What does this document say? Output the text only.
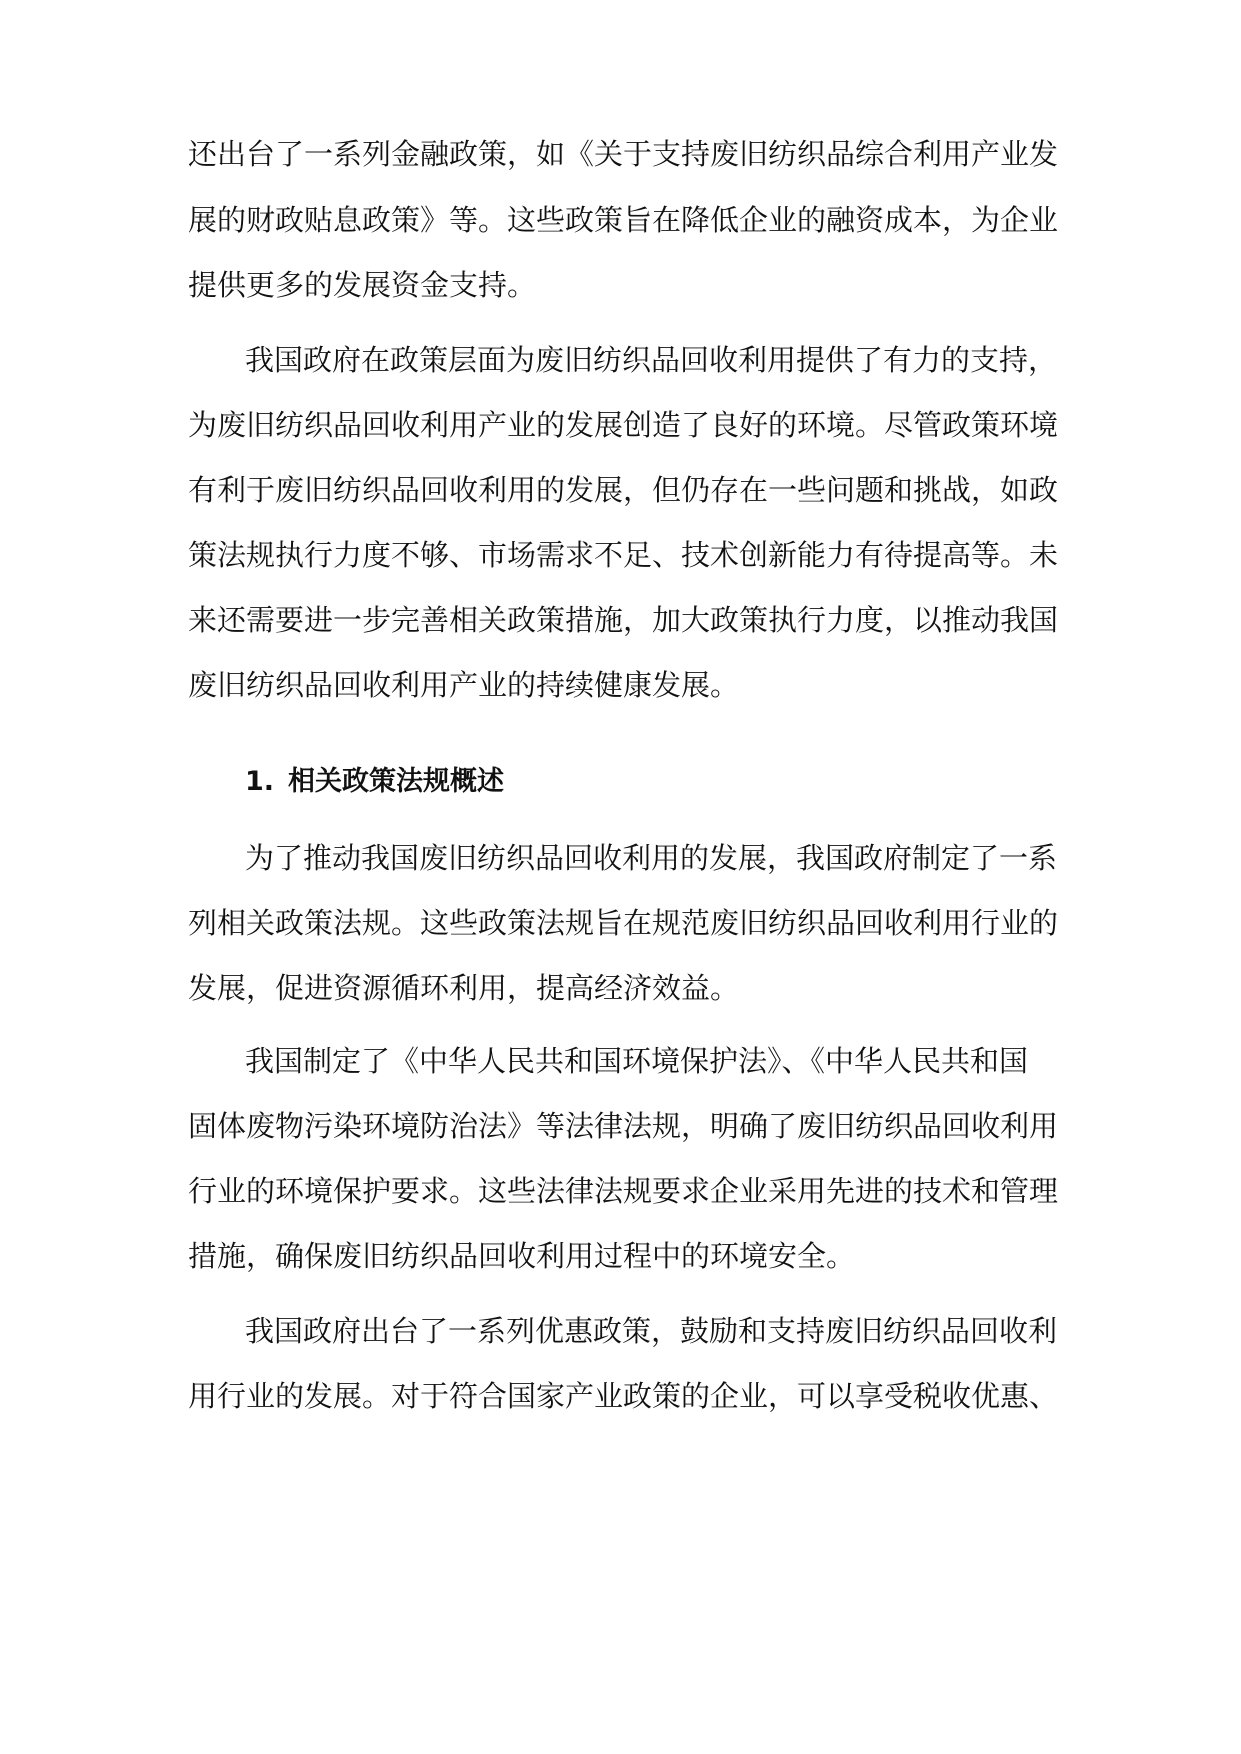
还出台了一系列金融政策，如《关于支持废旧纺织品综合利用产业发
展的财政贴息政策》等。这些政策旨在降低企业的融资成本，为企业
提供更多的发展资金支持。
我国政府在政策层面为废旧纺织品回收利用提供了有力的支持，
为废旧纺织品回收利用产业的发展创造了良好的环境。尽管政策环境
有利于废旧纺织品回收利用的发展，但仍存在一些问题和挑战，如政
策法规执行力度不够、市场需求不足、技术创新能力有待提高等。未
来还需要进一步完善相关政策措施，加大政策执行力度，以推动我国
废旧纺织品回收利用产业的持续健康发展。
1. 相关政策法规概述
为了推动我国废旧纺织品回收利用的发展，我国政府制定了一系
列相关政策法规。这些政策法规旨在规范废旧纺织品回收利用行业的
发展，促进资源循环利用，提高经济效益。
我国制定了《中华人民共和国环境保护法》、《中华人民共和国
固体废物污染环境防治法》等法律法规，明确了废旧纺织品回收利用
行业的环境保护要求。这些法律法规要求企业采用先进的技术和管理
措施，确保废旧纺织品回收利用过程中的环境安全。
我国政府出台了一系列优惠政策，鼓励和支持废旧纺织品回收利
用行业的发展。对于符合国家产业政策的企业，可以享受税收优惠、
